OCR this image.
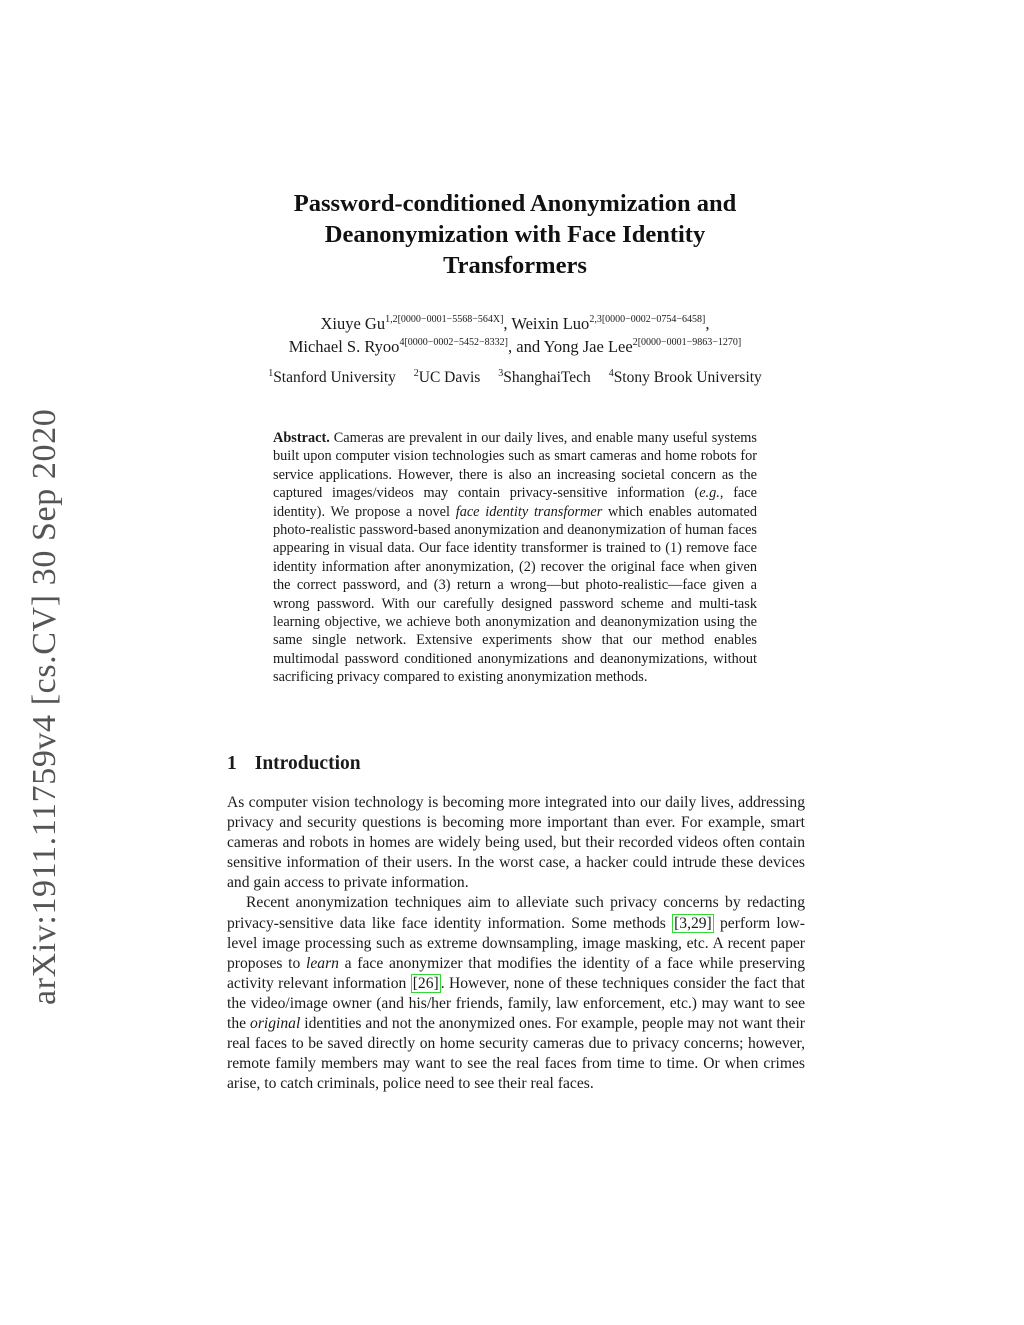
arXiv:1911.11759v4 [cs.CV] 30 Sep 2020
Password-conditioned Anonymization and
Deanonymization with Face Identity
Transformers
Xiuye $Gu^{1,2[0000-0001-5568-564X]}$, Weixin Luo$^{2,3[0000-0002-0754-6458]}$,
Michael S. Ryoo$^{4[0000-0002-5452-8332]}$, and Yong Jae Lee$^{2[0000-0001-9863-1270]}$
$^1$Stanford University $^2$UC Davis $^3$ShanghaiTech $^4$Stony Brook University
Abstract. Cameras are prevalent in our daily lives, and enable many useful systems built upon computer vision technologies such as smart cameras and home robots for service applications. However, there is also an increasing societal concern as the captured images/videos may contain privacy-sensitive information (e.g., face identity). We propose a novel face identity transformer which enables automated photo-realistic password-based anonymization and deanonymization of human faces appearing in visual data. Our face identity transformer is trained to (1) remove face identity information after anonymization, (2) recover the original face when given the correct password, and (3) return a wrong—but photo-realistic—face given a wrong password. With our carefully designed password scheme and multi-task learning objective, we achieve both anonymization and deanonymization using the same single network. Extensive experiments show that our method enables multimodal password conditioned anonymizations and deanonymizations, without sacrificing privacy compared to existing anonymization methods.
1 Introduction

As computer vision technology is becoming more integrated into our daily lives, addressing privacy and security questions is becoming more important than ever. For example, smart cameras and robots in homes are widely being used, but their recorded videos often contain sensitive information of their users. In the worst case, a hacker could intrude these devices and gain access to private information.

Recent anonymization techniques aim to alleviate such privacy concerns by redacting privacy-sensitive data like face identity information. Some methods [3,29] perform low-level image processing such as extreme downsampling, image masking, etc. A recent paper proposes to learn a face anonymizer that modifies the identity of a face while preserving activity relevant information [26] . However, none of these techniques consider the fact that the video/image owner (and his/her friends, family, law enforcement, etc.) may want to see the original identities and not the anonymized ones. For example, people may not want their real faces to be saved directly on home security cameras due to privacy concerns; however, remote family members may want to see the real faces from time to time. Or when crimes arise, to catch criminals, police need to see their real faces.
